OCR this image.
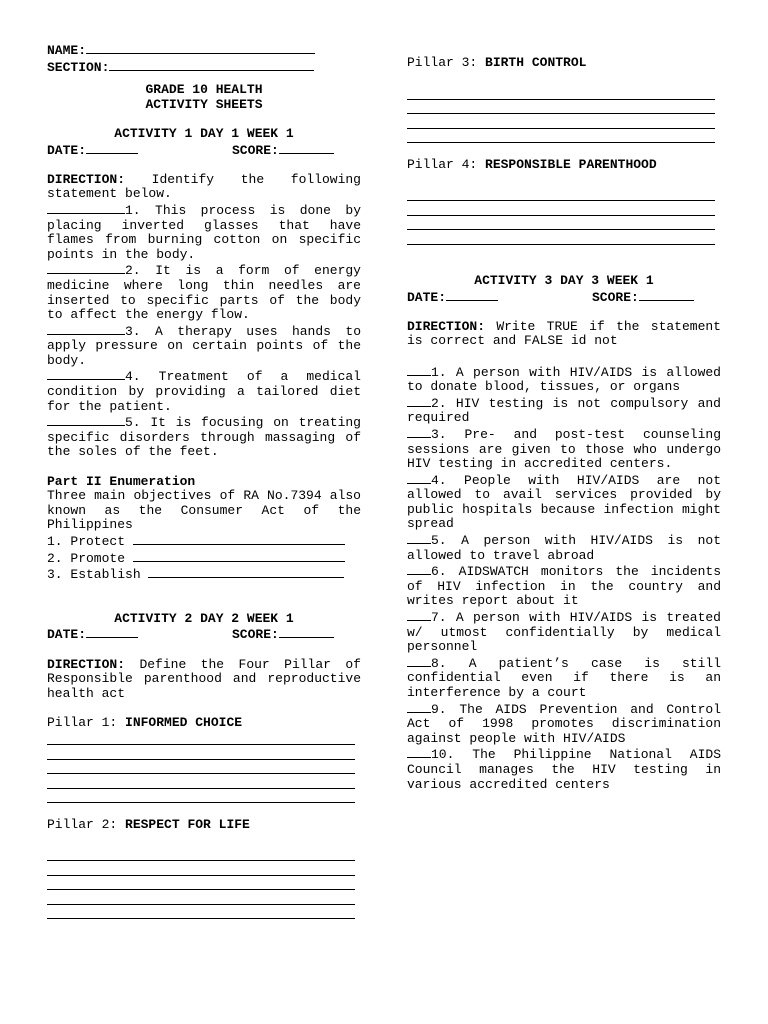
NAME:
SECTION:
GRADE 10 HEALTH
ACTIVITY SHEETS
ACTIVITY 1 DAY 1 WEEK 1
DATE:	SCORE:

DIRECTION: Identify the following statement below.

1. This process is done by placing inverted glasses that have flames from burning cotton on specific points in the body.

2. It is a form of energy medicine where long thin needles are inserted to specific parts of the body to affect the energy flow.

3. A therapy uses hands to apply pressure on certain points of the body.

4. Treatment of a medical condition by providing a tailored diet for the patient.

5. It is focusing on treating specific disorders through massaging of the soles of the feet.

Part II Enumeration

Three main objectives of RA No.7394 also known as the Consumer Act of the Philippines

1. Protect
2. Promote
3. Establish
ACTIVITY 2 DAY 2 WEEK 1
DATE:	SCORE:

DIRECTION: Define the Four Pillar of Responsible parenthood and reproductive health act

Pillar 1: INFORMED CHOICE
Pillar 2: RESPECT FOR LIFE
Pillar 3: BIRTH CONTROL
Pillar 4: RESPONSIBLE PARENTHOOD
ACTIVITY 3 DAY 3 WEEK 1
DATE:	SCORE:

DIRECTION: Write TRUE if the statement is correct and FALSE id not

1. A person with HIV/AIDS is allowed to donate blood, tissues, or organs

2. HIV testing is not compulsory and required

3. Pre- and post-test counseling sessions are given to those who undergo HIV testing in accredited centers.

4. People with HIV/AIDS are not allowed to avail services provided by public hospitals because infection might spread

5. A person with HIV/AIDS is not allowed to travel abroad

6. AIDSWATCH monitors the incidents of HIV infection in the country and writes report about it

7. A person with HIV/AIDS is treated w/ utmost confidentially by medical personnel

8. A patient’s case is still confidential even if there is an interference by a court

9. The AIDS Prevention and Control Act of 1998 promotes discrimination against people with HIV/AIDS

10. The Philippine National AIDS Council manages the HIV testing in various accredited centers
